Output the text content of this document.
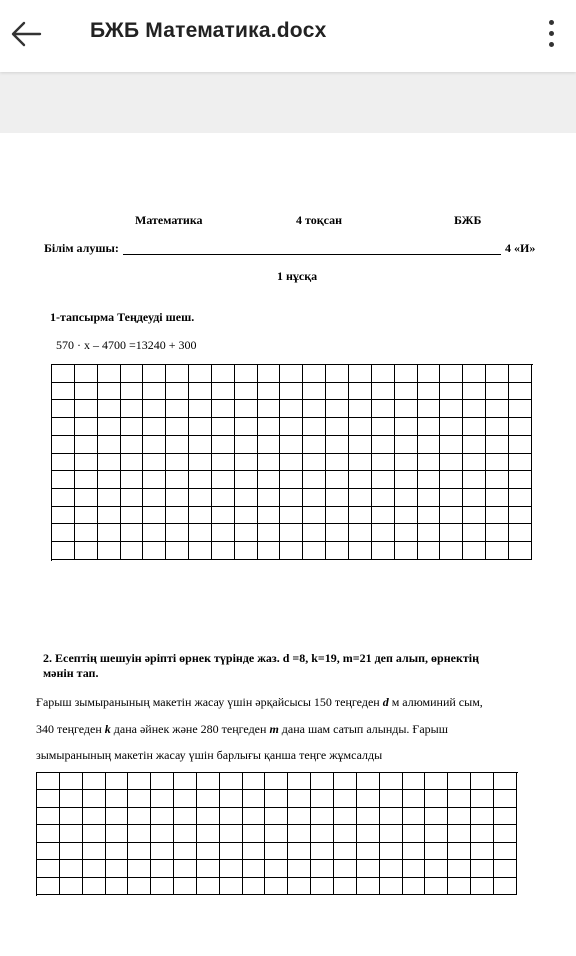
БЖБ Математика.docx
Математика	4 тоқсан	БЖБ
Білім алушы:	4 «И»
1 нұсқа
1-тапсырма Теңдеуді шеш.
570 · х – 4700 =13240 + 300
2. Есептің шешуін әріпті өрнек түрінде жаз. d =8, k=19, m=21 деп алып, өрнектің
мәнін тап.
Ғарыш зымыранының макетін жасау үшін әрқайсысы 150 теңгеден d м алюминий сым,
340 теңгеден k дана әйнек және 280 теңгеден m дана шам сатып алынды. Ғарыш
зымыранының макетін жасау үшін барлығы қанша теңге жұмсалды
